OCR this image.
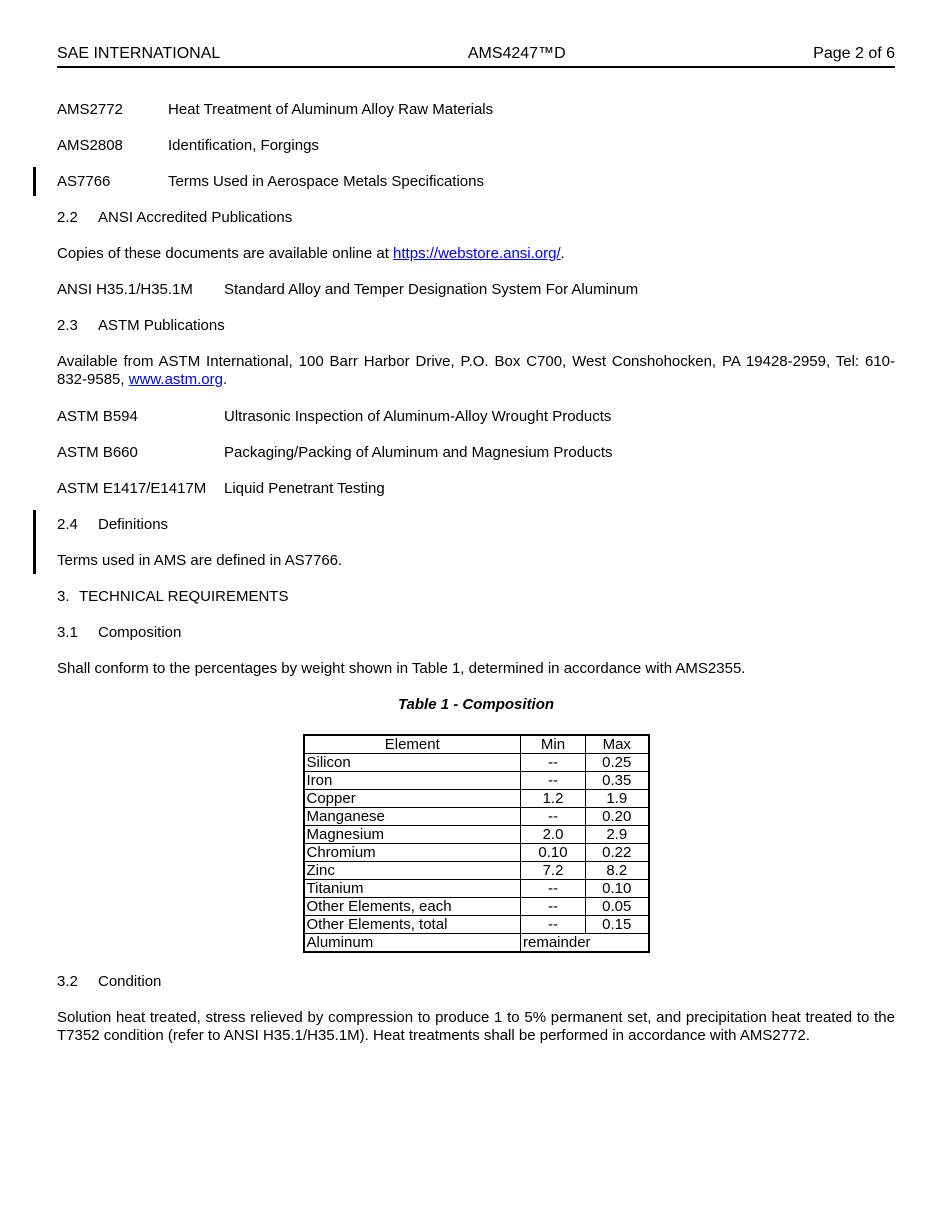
SAE INTERNATIONAL	AMS4247™D	Page 2 of 6
AMS2772	Heat Treatment of Aluminum Alloy Raw Materials
AMS2808	Identification, Forgings
AS7766	Terms Used in Aerospace Metals Specifications
2.2 ANSI Accredited Publications

Copies of these documents are available online at https://webstore.ansi.org/.

ANSI H35.1/H35.1M	Standard Alloy and Temper Designation System For Aluminum
2.3 ASTM Publications

Available from ASTM International, 100 Barr Harbor Drive, P.O. Box C700, West Conshohocken, PA 19428-2959, Tel: 610-832-9585, www.astm.org.

ASTM B594	Ultrasonic Inspection of Aluminum-Alloy Wrought Products
ASTM B660	Packaging/Packing of Aluminum and Magnesium Products
ASTM E1417/E1417M	Liquid Penetrant Testing
2.4 Definitions

Terms used in AMS are defined in AS7766.

3. TECHNICAL REQUIREMENTS
3.1 Composition

Shall conform to the percentages by weight shown in Table 1, determined in accordance with AMS2355.

Table 1 - Composition
Element	Min	Max
Silicon	--	0.25
Iron	--	0.35
Copper	1.2	1.9
Manganese	--	0.20
Magnesium	2.0	2.9
Chromium	0.10	0.22
Zinc	7.2	8.2
Titanium	--	0.10
Other Elements, each	--	0.05
Other Elements, total	--	0.15
Aluminum	remainder	
3.2 Condition

Solution heat treated, stress relieved by compression to produce 1 to 5% permanent set, and precipitation heat treated to the T7352 condition (refer to ANSI H35.1/H35.1M). Heat treatments shall be performed in accordance with AMS2772.
